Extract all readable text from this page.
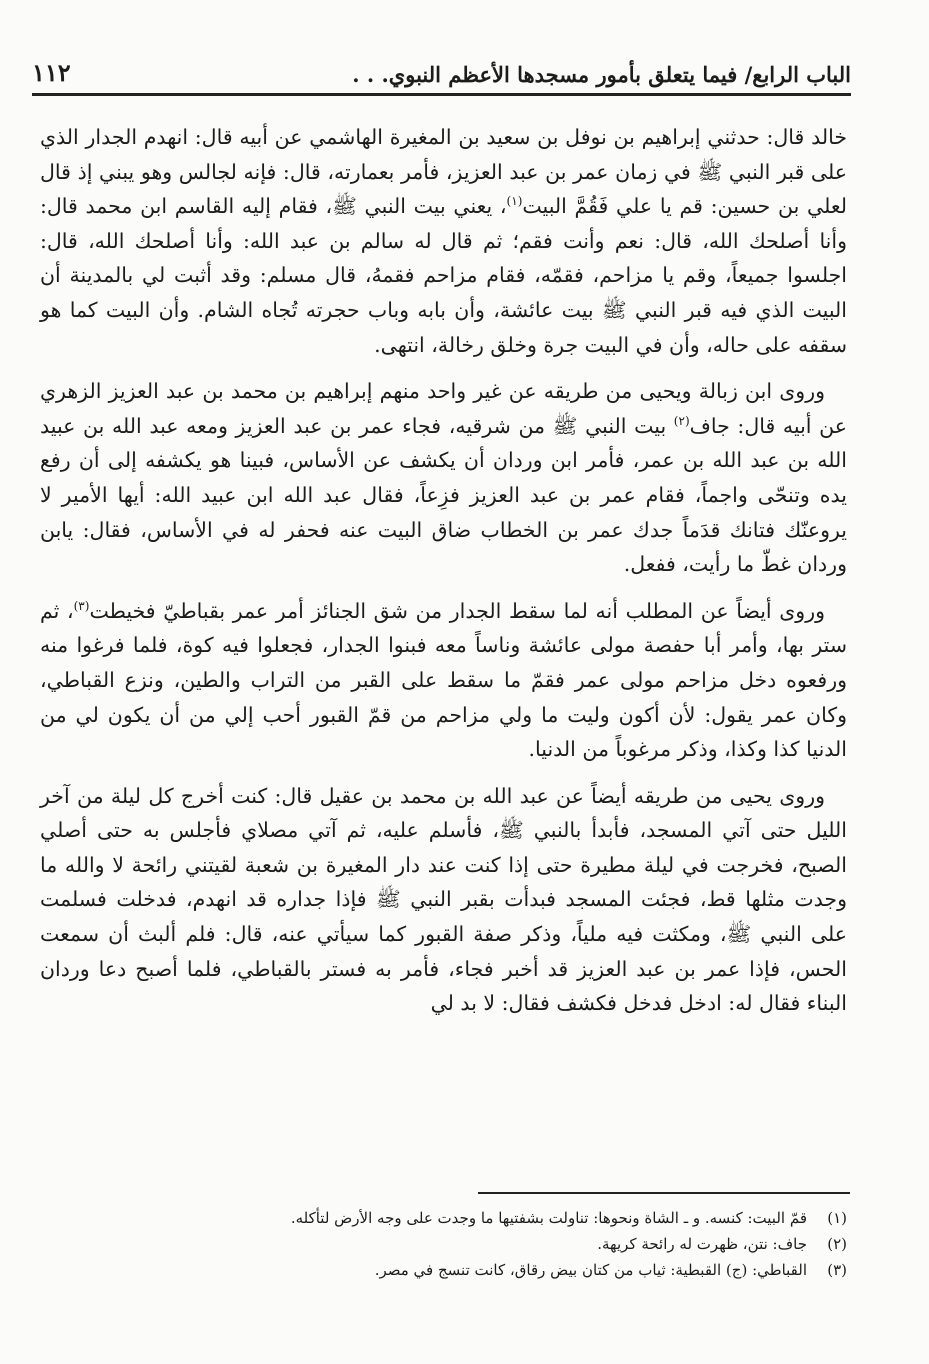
الباب الرابع/ فيما يتعلق بأمور مسجدها الأعظم النبوي. . .
١١٢

خالد قال: حدثني إبراهيم بن نوفل بن سعيد بن المغيرة الهاشمي عن أبيه قال: انهدم الجدار الذي على قبر النبي ﷺ في زمان عمر بن عبد العزيز، فأمر بعمارته، قال: فإنه لجالس وهو يبني إذ قال لعلي بن حسين: قم يا علي فَقُمَّ البيت$^{(١)}$، يعني بيت النبي ﷺ، فقام إليه القاسم ابن محمد قال: وأنا أصلحك الله، قال: نعم وأنت فقم؛ ثم قال له سالم بن عبد الله: وأنا أصلحك الله، قال: اجلسوا جميعاً، وقم يا مزاحم، فقمّه، فقام مزاحم فقمهُ، قال مسلم: وقد أثبت لي بالمدينة أن البيت الذي فيه قبر النبي ﷺ بيت عائشة، وأن بابه وباب حجرته تُجاه الشام. وأن البيت كما هو سقفه على حاله، وأن في البيت جرة وخلق رخالة، انتهى.

وروى ابن زبالة ويحيى من طريقه عن غير واحد منهم إبراهيم بن محمد بن عبد العزيز الزهري عن أبيه قال: جاف$^{(٢)}$ بيت النبي ﷺ من شرقيه، فجاء عمر بن عبد العزيز ومعه عبد الله بن عبيد الله بن عبد الله بن عمر، فأمر ابن وردان أن يكشف عن الأساس، فبينا هو يكشفه إلى أن رفع يده وتنحّى واجماً، فقام عمر بن عبد العزيز فزِعاً، فقال عبد الله ابن عبيد الله: أيها الأمير لا يروعنّك فتانك قدَماً جدك عمر بن الخطاب ضاق البيت عنه فحفر له في الأساس، فقال: يابن وردان غطّ ما رأيت، ففعل.

وروى أيضاً عن المطلب أنه لما سقط الجدار من شق الجنائز أمر عمر بقباطيّ فخيطت$^{(٣)}$، ثم ستر بها، وأمر أبا حفصة مولى عائشة وناساً معه فبنوا الجدار، فجعلوا فيه كوة، فلما فرغوا منه ورفعوه دخل مزاحم مولى عمر فقمّ ما سقط على القبر من التراب والطين، ونزع القباطي، وكان عمر يقول: لأن أكون وليت ما ولي مزاحم من قمّ القبور أحب إلي من أن يكون لي من الدنيا كذا وكذا، وذكر مرغوباً من الدنيا.

وروى يحيى من طريقه أيضاً عن عبد الله بن محمد بن عقيل قال: كنت أخرج كل ليلة من آخر الليل حتى آتي المسجد، فأبدأ بالنبي ﷺ، فأسلم عليه، ثم آتي مصلاي فأجلس به حتى أصلي الصبح، فخرجت في ليلة مطيرة حتى إذا كنت عند دار المغيرة بن شعبة لقيتني رائحة لا والله ما وجدت مثلها قط، فجئت المسجد فبدأت بقبر النبي ﷺ فإذا جداره قد انهدم، فدخلت فسلمت على النبي ﷺ، ومكثت فيه ملياً، وذكر صفة القبور كما سيأتي عنه، قال: فلم ألبث أن سمعت الحس، فإذا عمر بن عبد العزيز قد أخبر فجاء، فأمر به فستر بالقباطي، فلما أصبح دعا وردان البناء فقال له: ادخل فدخل فكشف فقال: لا بد لي

(١)
قمّ البيت: كنسه. و ـ الشاة ونحوها: تناولت بشفتيها ما وجدت على وجه الأرض لتأكله.
(٢)
جاف: نتن، ظهرت له رائحة كريهة.
(٣)
القباطي: (ج) القبطية: ثياب من كتان بيض رقاق، كانت تنسج في مصر.
